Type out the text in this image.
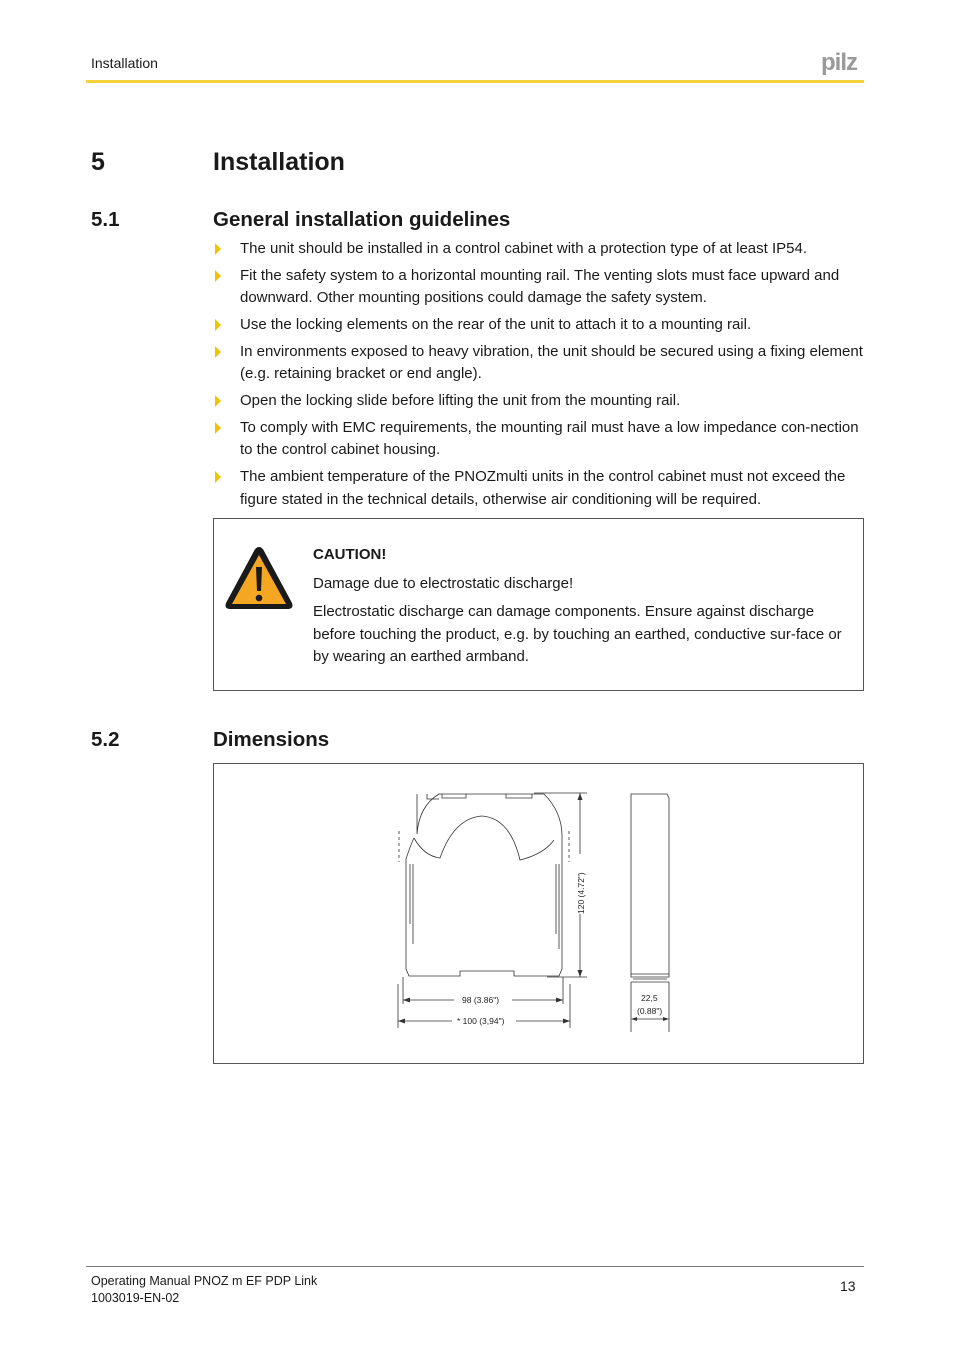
Installation	pilz
5	Installation
5.1	General installation guidelines
The unit should be installed in a control cabinet with a protection type of at least IP54.
Fit the safety system to a horizontal mounting rail. The venting slots must face upward and downward. Other mounting positions could damage the safety system.
Use the locking elements on the rear of the unit to attach it to a mounting rail.
In environments exposed to heavy vibration, the unit should be secured using a fixing element (e.g. retaining bracket or end angle).
Open the locking slide before lifting the unit from the mounting rail.
To comply with EMC requirements, the mounting rail must have a low impedance con-nection to the control cabinet housing.
The ambient temperature of the PNOZmulti units in the control cabinet must not exceed the figure stated in the technical details, otherwise air conditioning will be required.

CAUTION!

Damage due to electrostatic discharge!

Electrostatic discharge can damage components. Ensure against discharge before touching the product, e.g. by touching an earthed, conductive sur-face or by wearing an earthed armband.

5.2	Dimensions
120 (4.72")
98 (3.86")
* 100 (3,94")
22,5
(0.88")
Operating Manual PNOZ m EF PDP Link
1003019-EN-02
13
